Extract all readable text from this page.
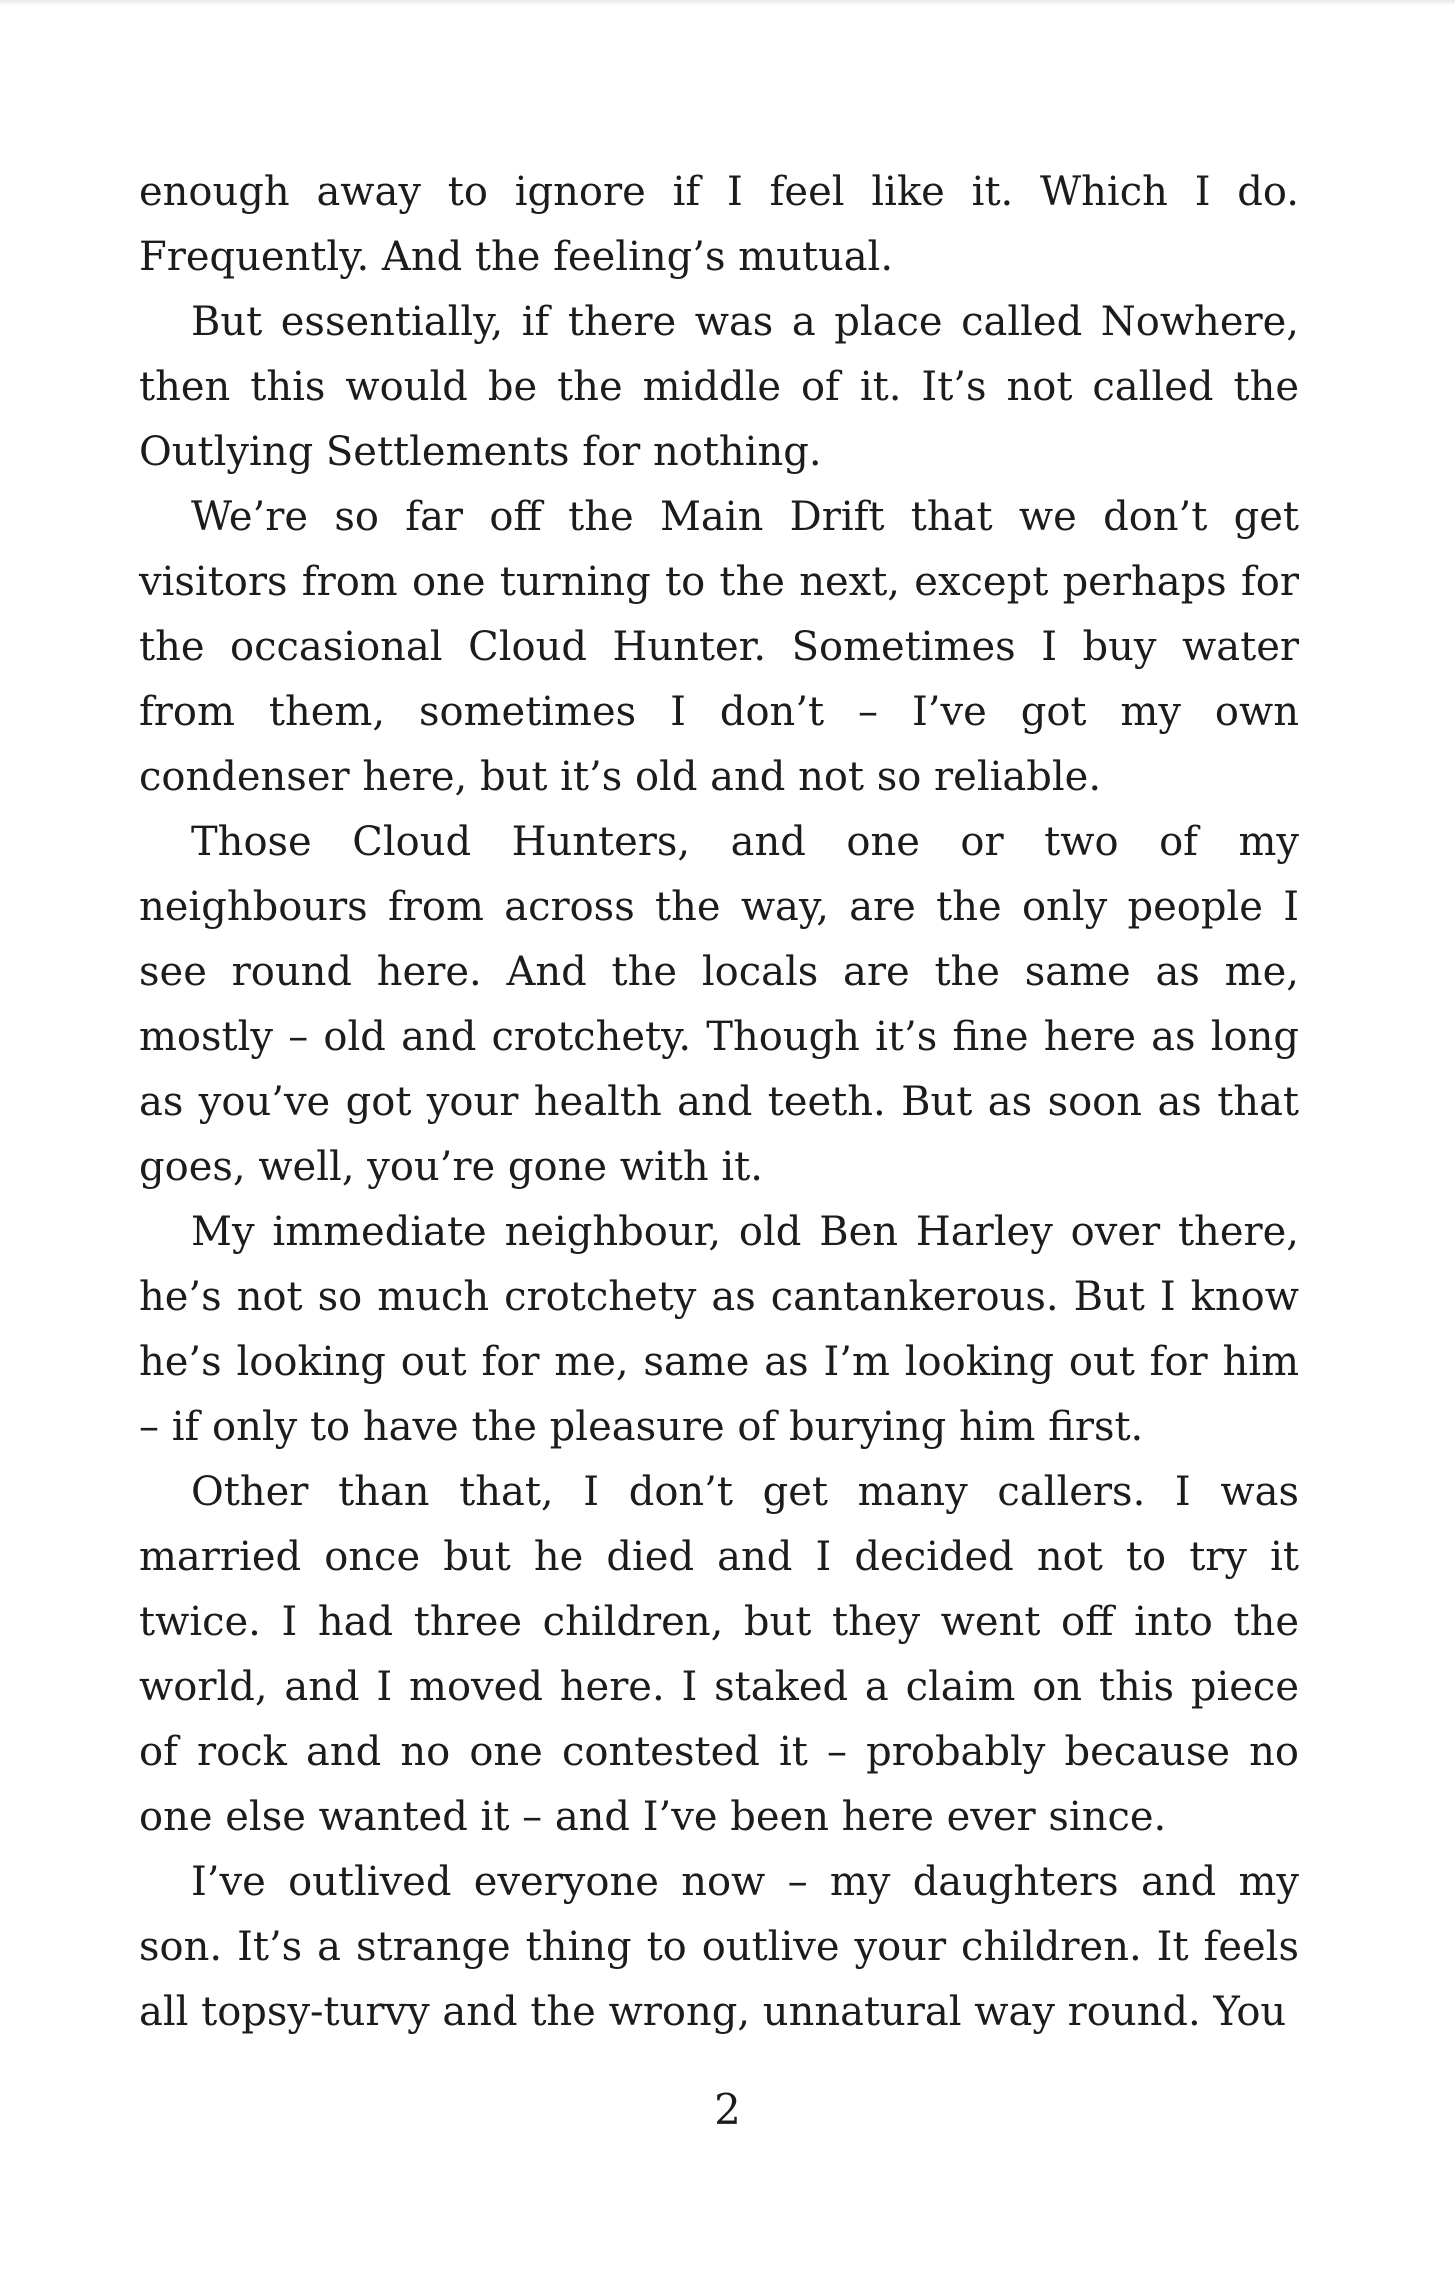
enough away to ignore if I feel like it. Which I do. Frequently. And the feeling’s mutual.

But essentially, if there was a place called Nowhere, then this would be the middle of it. It’s not called the Outlying Settlements for nothing.

We’re so far off the Main Drift that we don’t get visitors from one turning to the next, except perhaps for the occasional Cloud Hunter. Sometimes I buy water from them, sometimes I don’t – I’ve got my own condenser here, but it’s old and not so reliable.

Those Cloud Hunters, and one or two of my neighbours from across the way, are the only people I see round here. And the locals are the same as me, mostly – old and crotchety. Though it’s fine here as long as you’ve got your health and teeth. But as soon as that goes, well, you’re gone with it.

My immediate neighbour, old Ben Harley over there, he’s not so much crotchety as cantankerous. But I know he’s looking out for me, same as I’m looking out for him – if only to have the pleasure of burying him first.

Other than that, I don’t get many callers. I was married once but he died and I decided not to try it twice. I had three children, but they went off into the world, and I moved here. I staked a claim on this piece of rock and no one contested it – probably because no one else wanted it – and I’ve been here ever since.

I’ve outlived everyone now – my daughters and my son. It’s a strange thing to outlive your children. It feels all topsy-turvy and the wrong, unnatural way round. You

2
